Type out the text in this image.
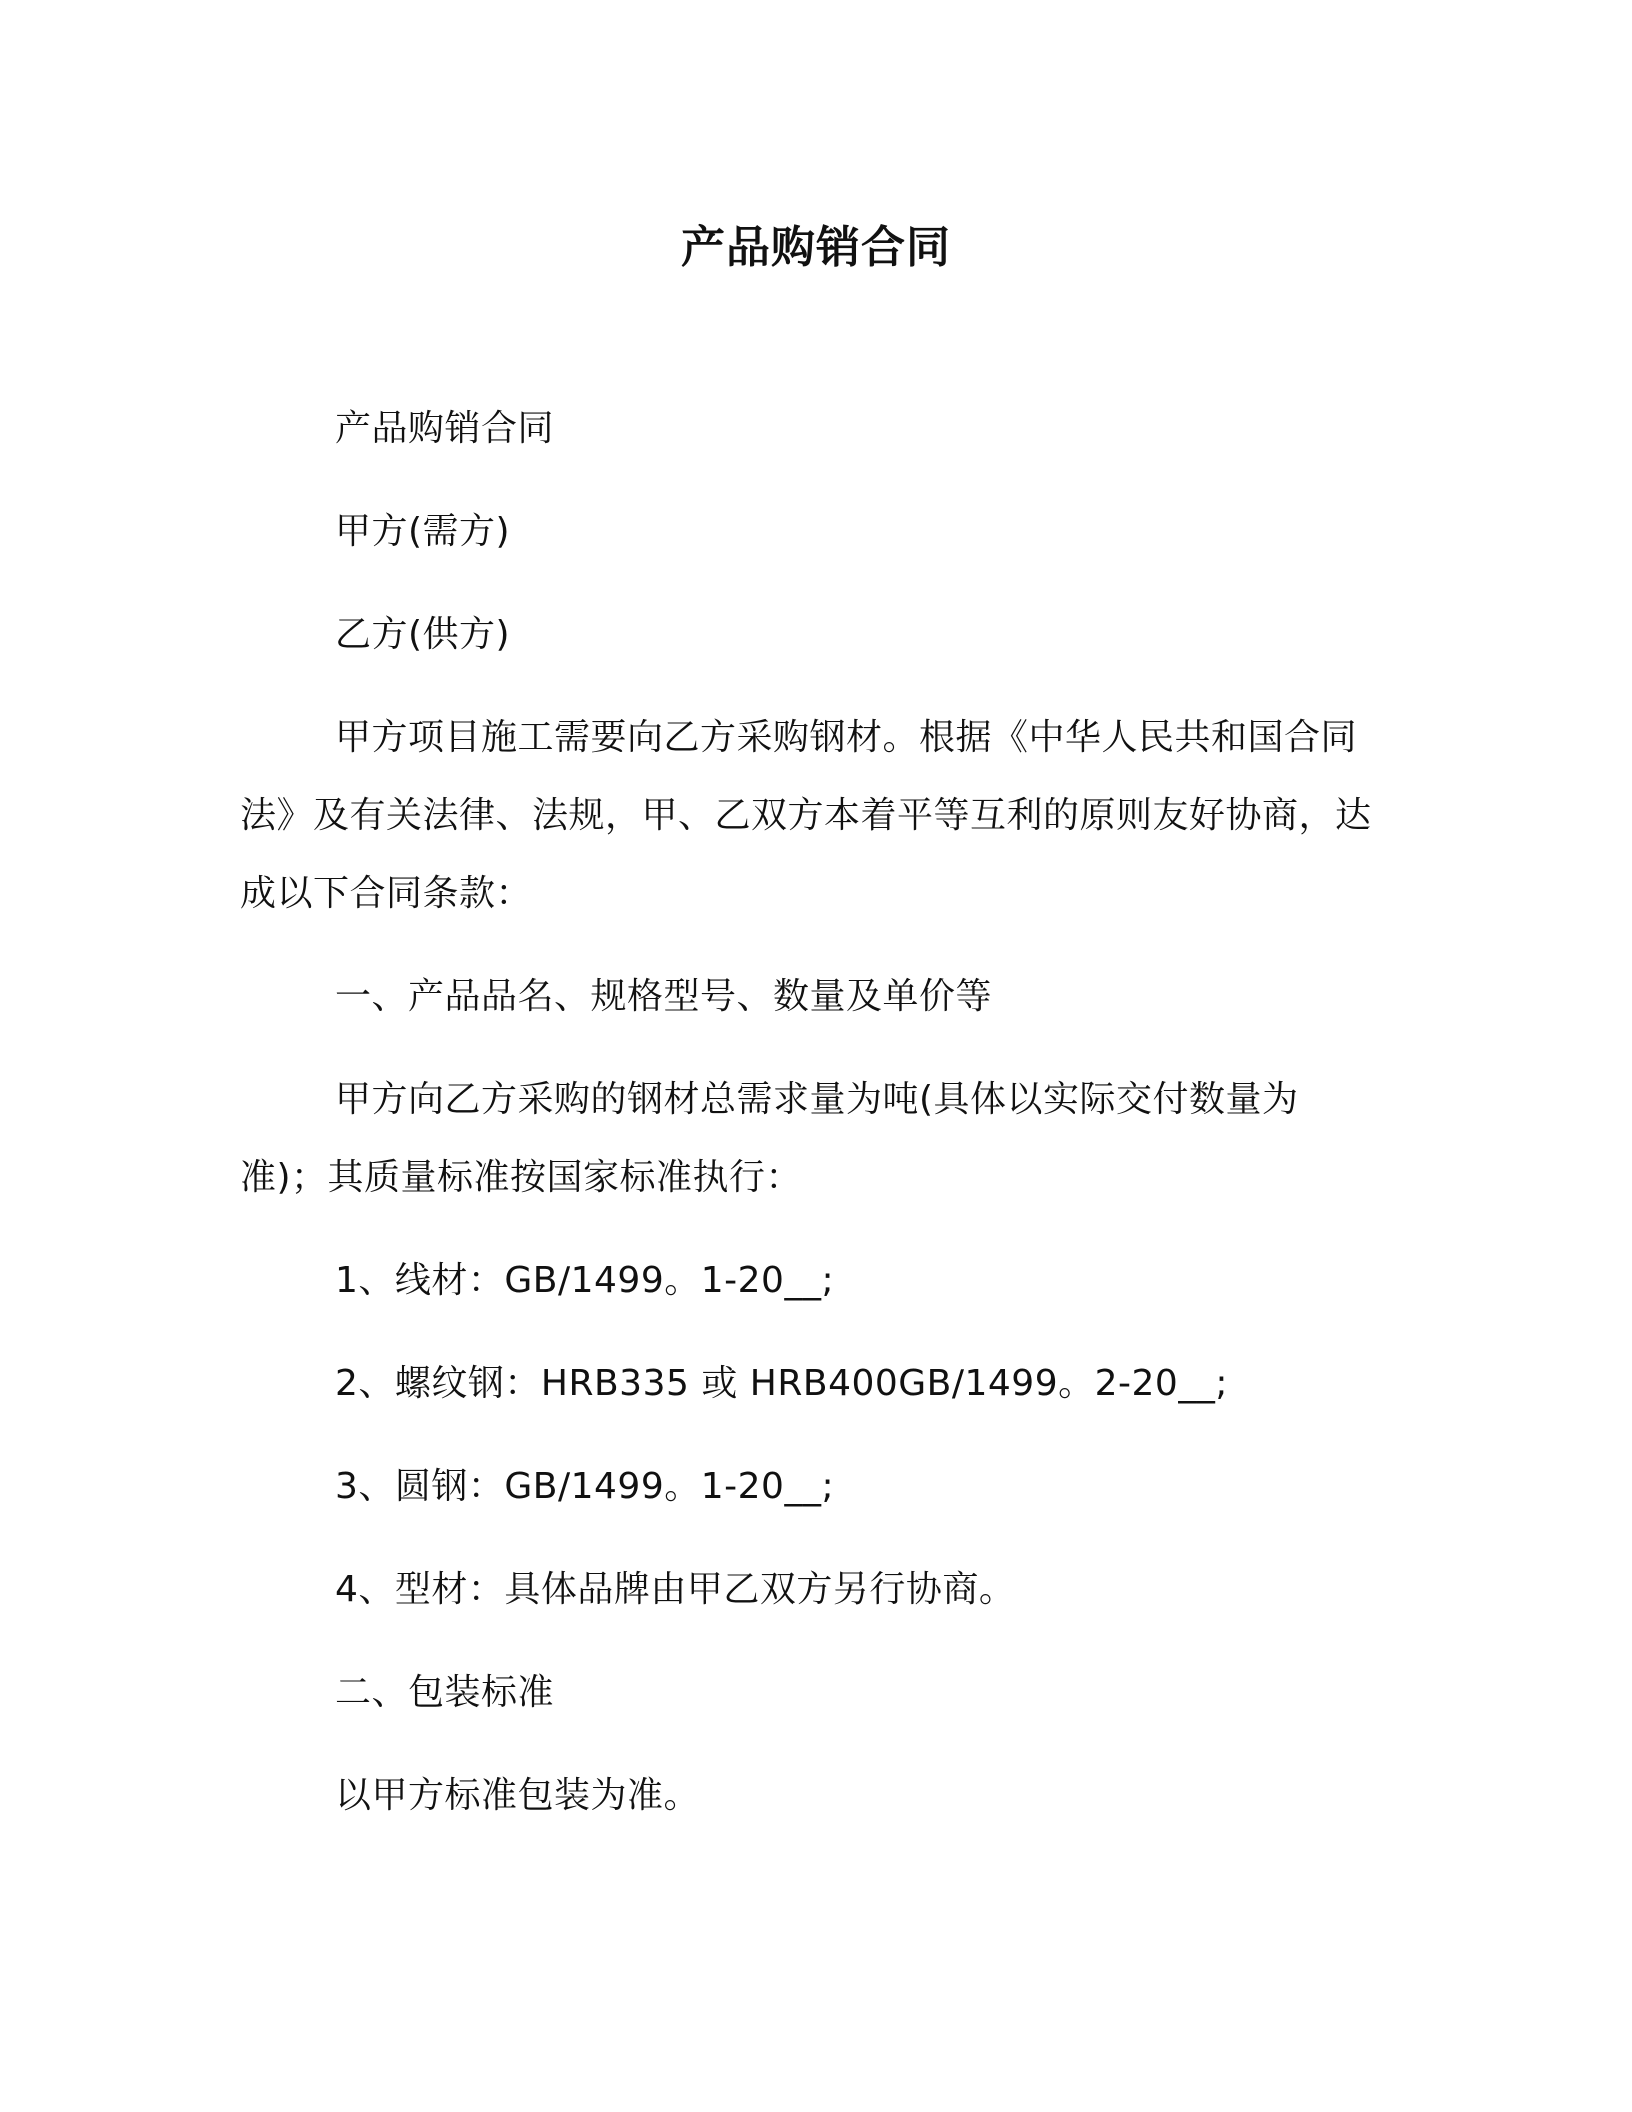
产品购销合同

产品购销合同

甲方(需方)

乙方(供方)

甲方项目施工需要向乙方采购钢材。根据《中华人民共和国合同法》及有关法律、法规，甲、乙双方本着平等互利的原则友好协商，达成以下合同条款：

一、产品品名、规格型号、数量及单价等

甲方向乙方采购的钢材总需求量为吨(具体以实际交付数量为准)；其质量标准按国家标准执行：

1、线材：GB/1499。1-20__;

2、螺纹钢：HRB335 或 HRB400GB/1499。2-20__;

3、圆钢：GB/1499。1-20__;

4、型材：具体品牌由甲乙双方另行协商。

二、包装标准

以甲方标准包装为准。
